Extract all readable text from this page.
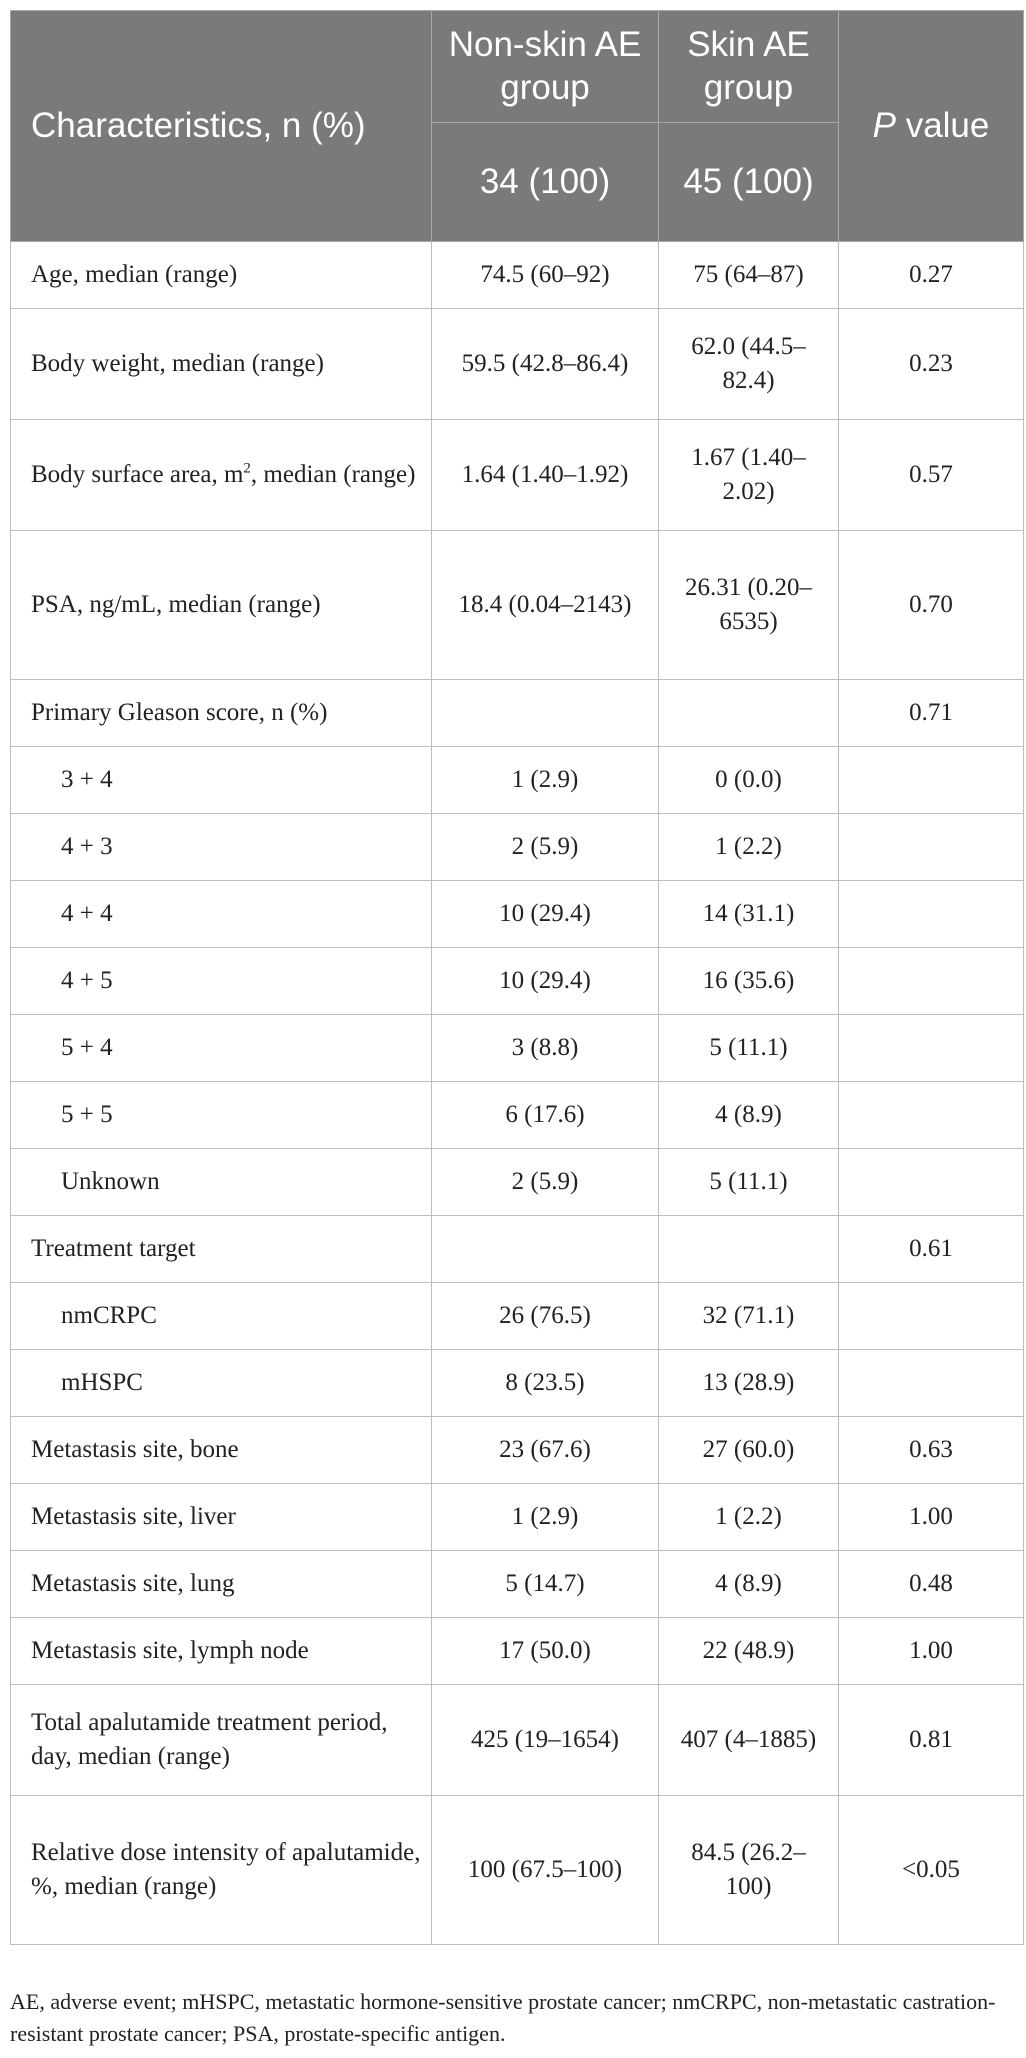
Characteristics, n (%)	Non-skin AE group	Skin AE group	P value
	34 (100)	45 (100)	
Age, median (range)	74.5 (60–92)	75 (64–87)	0.27
Body weight, median (range)	59.5 (42.8–86.4)	62.0 (44.5–82.4)	0.23
Body surface area, $m^2$, median (range)	1.64 (1.40–1.92)	1.67 (1.40–2.02)	0.57
PSA, ng/mL, median (range)	18.4 (0.04–2143)	26.31 (0.20–6535)	0.70
Primary Gleason score, n (%)			0.71
3 + 4	1 (2.9)	0 (0.0)	
4 + 3	2 (5.9)	1 (2.2)	
4 + 4	10 (29.4)	14 (31.1)	
4 + 5	10 (29.4)	16 (35.6)	
5 + 4	3 (8.8)	5 (11.1)	
5 + 5	6 (17.6)	4 (8.9)	
Unknown	2 (5.9)	5 (11.1)	
Treatment target			0.61
nmCRPC	26 (76.5)	32 (71.1)	
mHSPC	8 (23.5)	13 (28.9)	
Metastasis site, bone	23 (67.6)	27 (60.0)	0.63
Metastasis site, liver	1 (2.9)	1 (2.2)	1.00
Metastasis site, lung	5 (14.7)	4 (8.9)	0.48
Metastasis site, lymph node	17 (50.0)	22 (48.9)	1.00
Total apalutamide treatment period, day, median (range)	425 (19–1654)	407 (4–1885)	0.81
Relative dose intensity of apalutamide,
%, median (range)	100 (67.5–100)	84.5 (26.2–100)	<0.05
AE, adverse event; mHSPC, metastatic hormone-sensitive prostate cancer; nmCRPC, non-metastatic castration-resistant prostate cancer; PSA, prostate-specific antigen.
